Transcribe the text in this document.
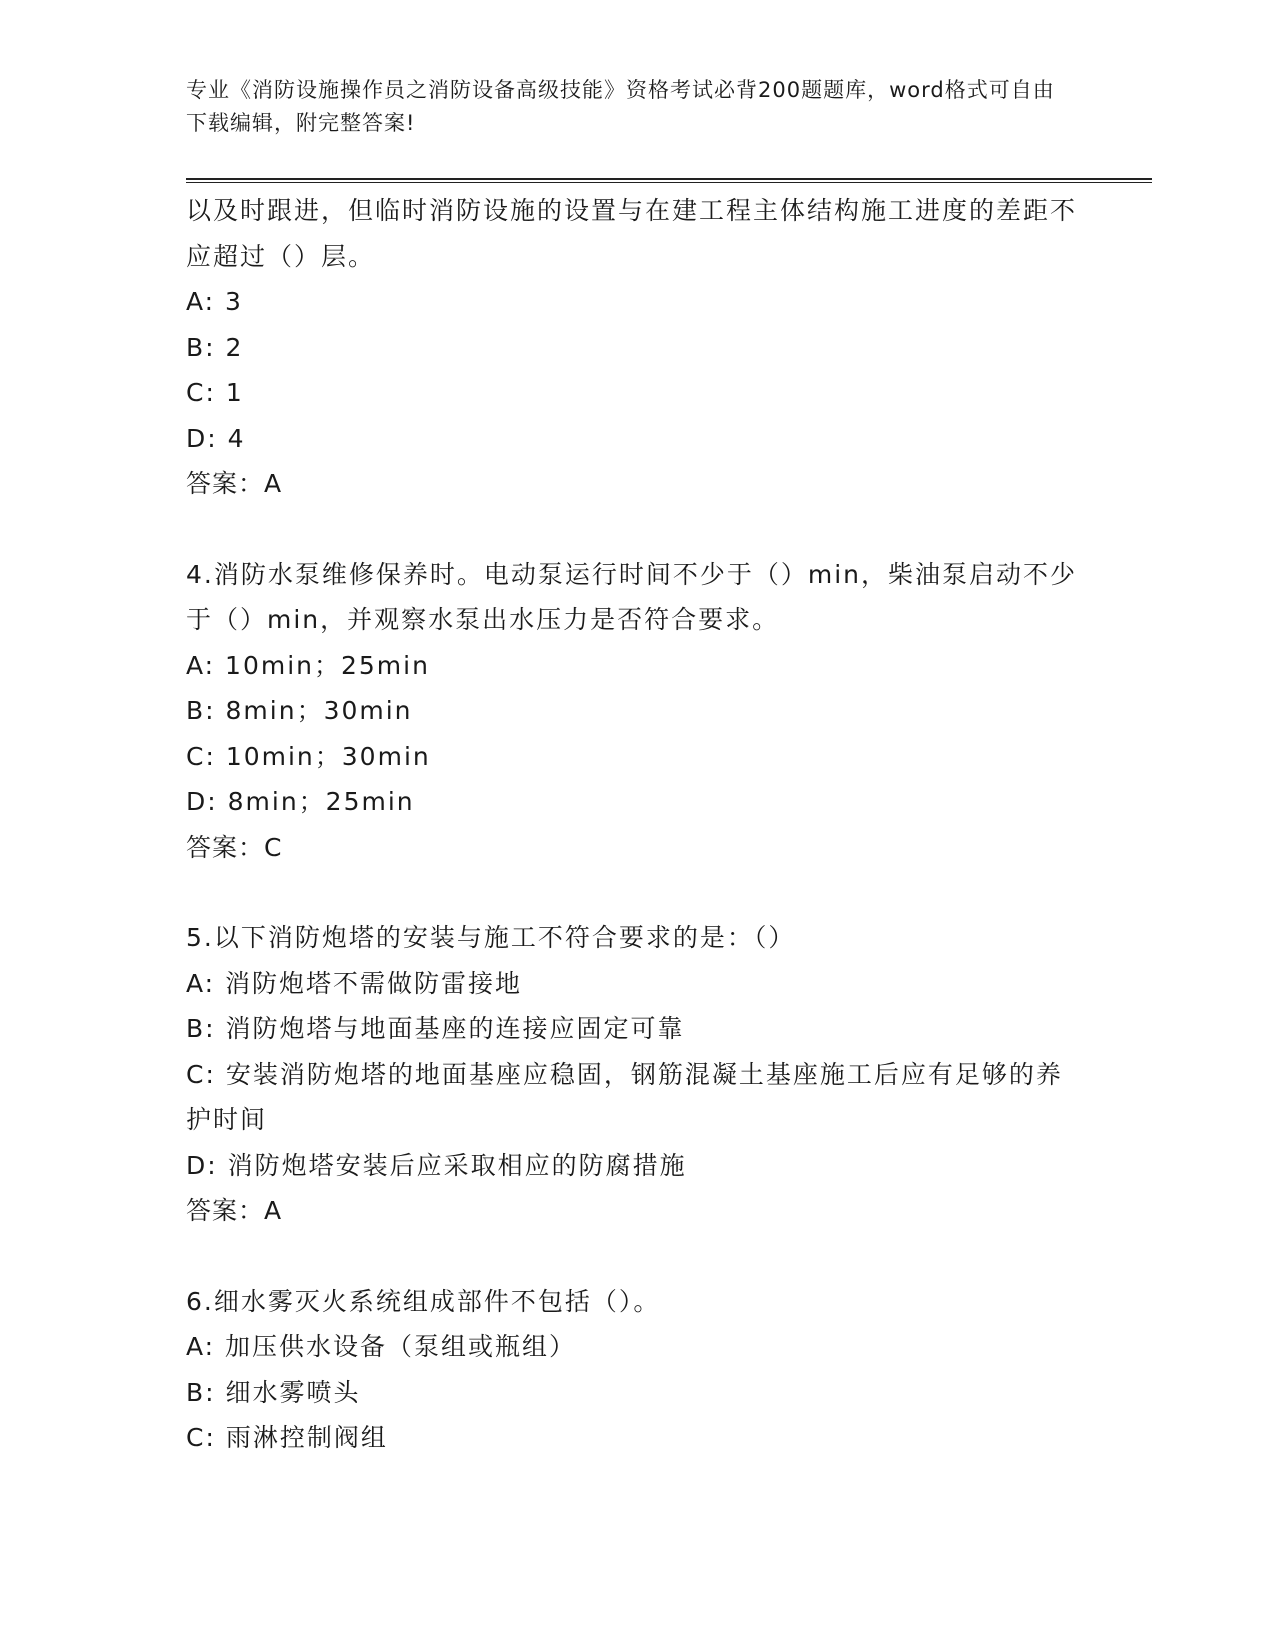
专业《消防设施操作员之消防设备高级技能》资格考试必背200题题库，word格式可自由下载编辑，附完整答案!

以及时跟进，但临时消防设施的设置与在建工程主体结构施工进度的差距不应超过（）层。

A: 3
B: 2
C: 1
D: 4
答案：A

4.消防水泵维修保养时。电动泵运行时间不少于（）min，柴油泵启动不少于（）min，并观察水泵出水压力是否符合要求。

A: 10min；25min
B: 8min；30min
C: 10min；30min
D: 8min；25min
答案：C

5.以下消防炮塔的安装与施工不符合要求的是：（）

A: 消防炮塔不需做防雷接地
B: 消防炮塔与地面基座的连接应固定可靠
C: 安装消防炮塔的地面基座应稳固，钢筋混凝土基座施工后应有足够的养护时间
D: 消防炮塔安装后应采取相应的防腐措施
答案：A

6.细水雾灭火系统组成部件不包括（）。

A: 加压供水设备（泵组或瓶组）
B: 细水雾喷头
C: 雨淋控制阀组
